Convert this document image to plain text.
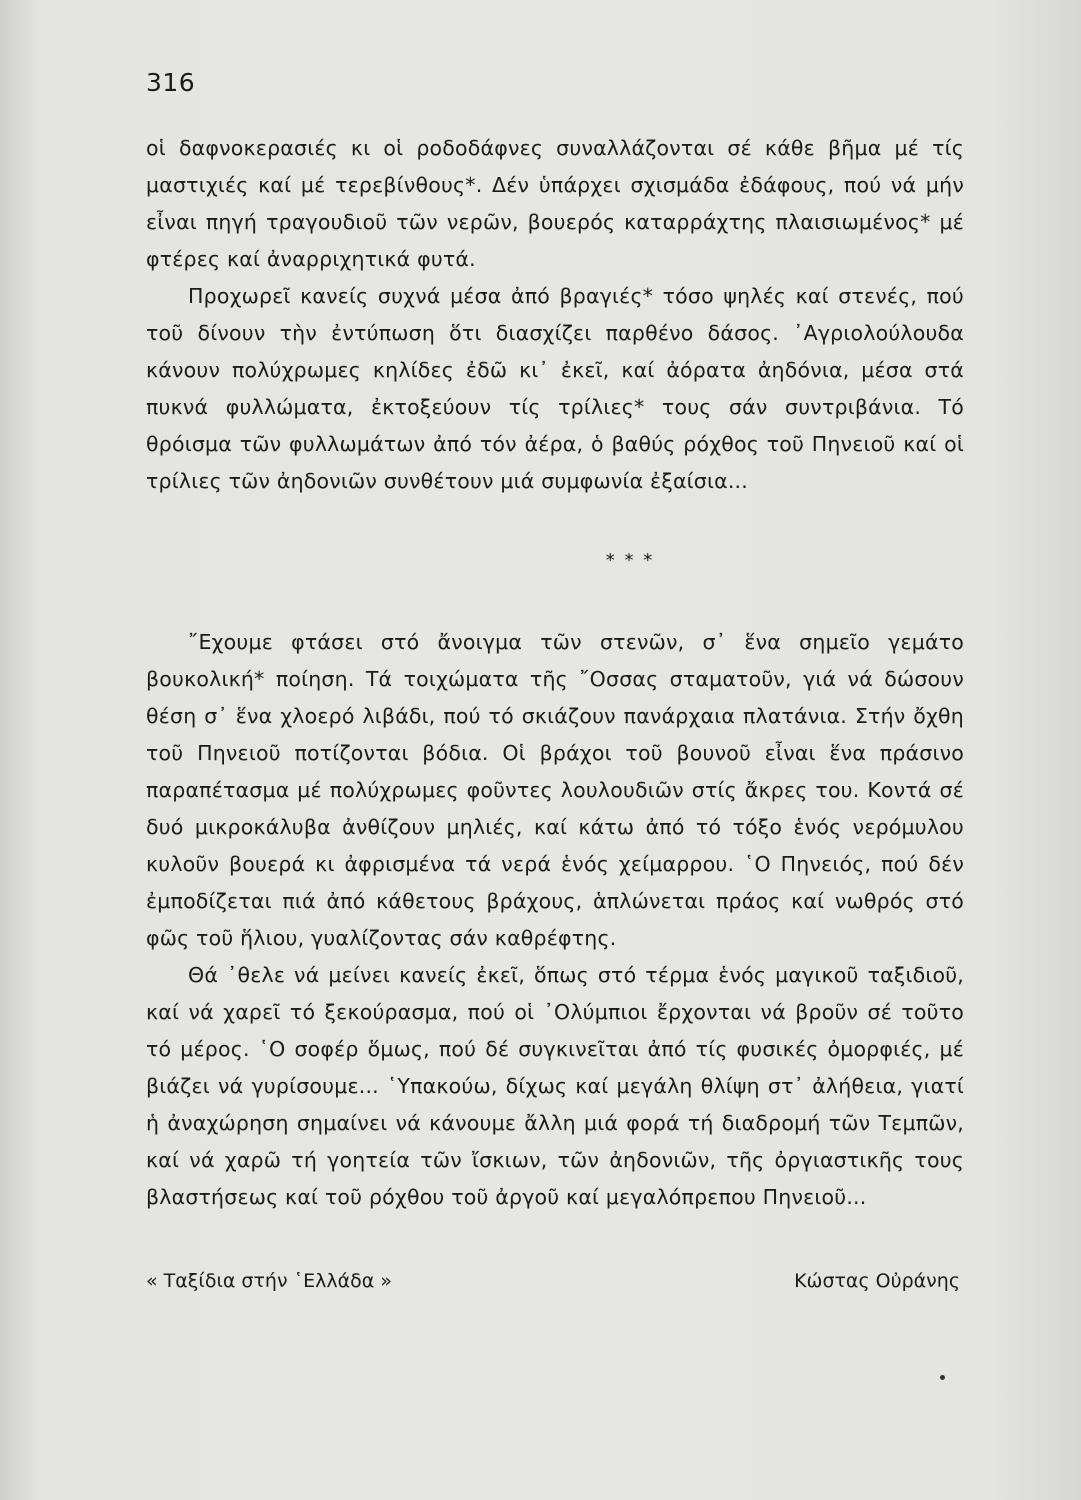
316

οἱ δαφνοκερασιές κι οἱ ροδοδάφνες συναλλάζονται σέ κάθε βῆμα μέ τίς μαστιχιές καί μέ τερεβίνθους*. Δέν ὑπάρχει σχισμάδα ἐδάφους, πού νά μήν εἶναι πηγή τραγουδιοῦ τῶν νερῶν, βουερός καταρράχτης πλαισιωμένος* μέ φτέρες καί ἀναρριχητικά φυτά.

Προχωρεῖ κανείς συχνά μέσα ἀπό βραγιές* τόσο ψηλές καί στενές, πού τοῦ δίνουν τὴν ἐντύπωση ὅτι διασχίζει παρθένο δάσος. ᾿Αγριολούλουδα κάνουν πολύχρωμες κηλίδες ἐδῶ κι᾿ ἐκεῖ, καί ἀόρατα ἀηδόνια, μέσα στά πυκνά φυλλώματα, ἐκτοξεύουν τίς τρίλιες* τους σάν συντριβάνια. Τό θρόισμα τῶν φυλλωμάτων ἀπό τόν ἀέρα, ὁ βαθύς ρόχθος τοῦ Πηνειοῦ καί οἱ τρίλιες τῶν ἀηδονιῶν συνθέτουν μιά συμφωνία ἐξαίσια...

* * *

῎Εχουμε φτάσει στό ἄνοιγμα τῶν στενῶν, σ᾿ ἕνα σημεῖο γεμάτο βουκολική* ποίηση. Τά τοιχώματα τῆς ῎Οσσας σταματοῦν, γιά νά δώσουν θέση σ᾿ ἕνα χλοερό λιβάδι, πού τό σκιάζουν πανάρχαια πλατάνια. Στήν ὄχθη τοῦ Πηνειοῦ ποτίζονται βόδια. Οἱ βράχοι τοῦ βουνοῦ εἶναι ἕνα πράσινο παραπέτασμα μέ πολύχρωμες φοῦντες λουλουδιῶν στίς ἄκρες του. Κοντά σέ δυό μικροκάλυβα ἀνθίζουν μηλιές, καί κάτω ἀπό τό τόξο ἑνός νερόμυλου κυλοῦν βουερά κι ἀφρισμένα τά νερά ἑνός χείμαρρου. ῾Ο Πηνειός, πού δέν ἐμποδίζεται πιά ἀπό κάθετους βράχους, ἁπλώνεται πράος καί νωθρός στό φῶς τοῦ ἥλιου, γυαλίζοντας σάν καθρέφτης.

Θά ᾿θελε νά μείνει κανείς ἐκεῖ, ὅπως στό τέρμα ἑνός μαγικοῦ ταξιδιοῦ, καί νά χαρεῖ τό ξεκούρασμα, πού οἱ ᾿Ολύμπιοι ἔρχονται νά βροῦν σέ τοῦτο τό μέρος. ῾Ο σοφέρ ὅμως, πού δέ συγκινεῖται ἀπό τίς φυσικές ὀμορφιές, μέ βιάζει νά γυρίσουμε... ῾Υπακούω, δίχως καί μεγάλη θλίψη στ᾿ ἀλήθεια, γιατί ἡ ἀναχώρηση σημαίνει νά κάνουμε ἄλλη μιά φορά τή διαδρομή τῶν Τεμπῶν, καί νά χαρῶ τή γοητεία τῶν ἴσκιων, τῶν ἀηδονιῶν, τῆς ὀργιαστικῆς τους βλαστήσεως καί τοῦ ρόχθου τοῦ ἀργοῦ καί μεγαλόπρεπου Πηνειοῦ...

« Ταξίδια στήν ῾Ελλάδα »	Κώστας Οὐράνης
